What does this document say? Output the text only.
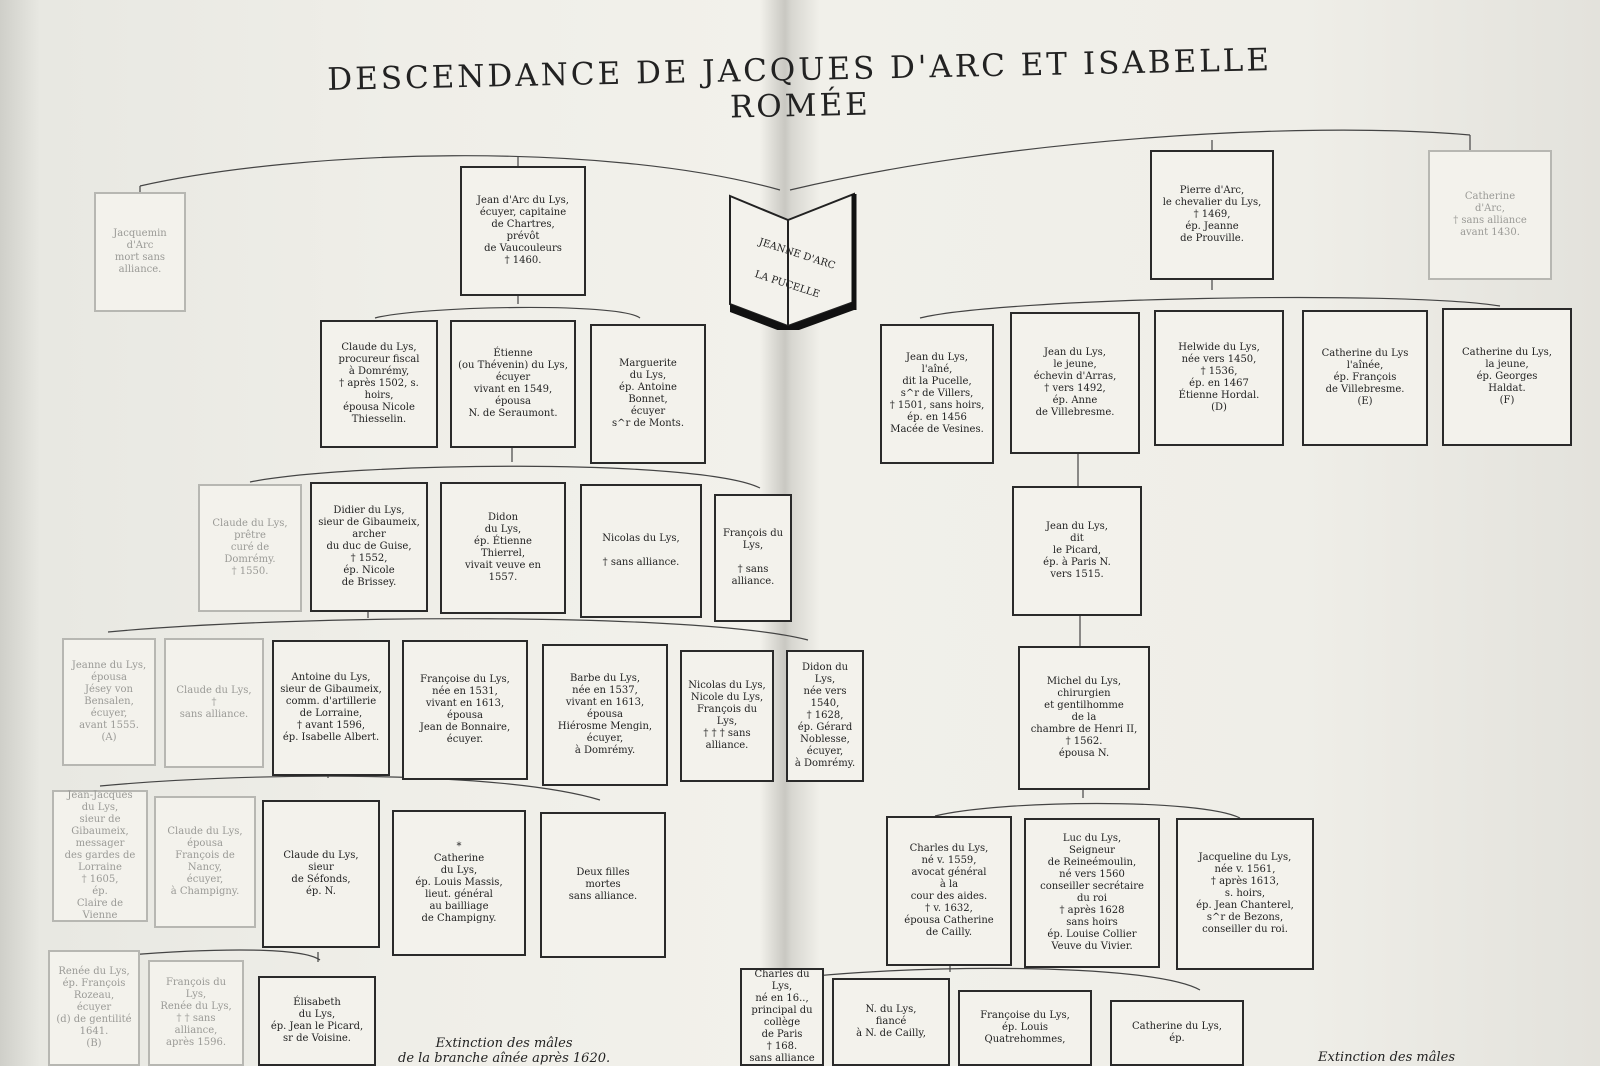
DESCENDANCE DE JACQUES D'ARC ET ISABELLE ROMÉE
JEANNE D'ARC
LA PUCELLE
Jacquemin
d'Arc
mort sans alliance.
Jean d'Arc du Lys,
écuyer, capitaine
de Chartres,
prévôt
de Vaucouleurs
† 1460.
Claude du Lys,
procureur fiscal
à Domrémy,
† après 1502, s. hoirs,
épousa Nicole
Thiesselin.
Étienne
(ou Thévenin) du Lys,
écuyer
vivant en 1549,
épousa
N. de Seraumont.
Marguerite
du Lys,
ép. Antoine Bonnet,
écuyer
s^r de Monts.
Claude du Lys,
prêtre
curé de Domrémy.
† 1550.
Didier du Lys,
sieur de Gibaumeix,
archer
du duc de Guise,
† 1552,
ép. Nicole
de Brissey.
Didon
du Lys,
ép. Étienne
Thierrel,
vivait veuve en
1557.
Nicolas du Lys,

† sans alliance.
François du Lys,

† sans alliance.
Jeanne du Lys,
épousa
Jésey von Bensalen,
écuyer,
avant 1555.
(A)
Claude du Lys,
†
sans alliance.
Antoine du Lys,
sieur de Gibaumeix,
comm. d'artillerie
de Lorraine,
† avant 1596,
ép. Isabelle Albert.
Françoise du Lys,
née en 1531,
vivant en 1613,
épousa
Jean de Bonnaire,
écuyer.
Barbe du Lys,
née en 1537,
vivant en 1613,
épousa
Hiérosme Mengin,
écuyer,
à Domrémy.
Nicolas du Lys,
Nicole du Lys,
François du Lys,
† † † sans alliance.
Didon du Lys,
née vers 1540,
† 1628,
ép. Gérard Noblesse,
écuyer,
à Domrémy.
Jean-Jacques
du Lys,
sieur de Gibaumeix,
messager
des gardes de Lorraine
† 1605,
ép.
Claire de Vienne
Claude du Lys,
épousa
François de Nancy,
écuyer,
à Champigny.
Claude du Lys,
sieur
de Séfonds,
ép. N.
*
Catherine
du Lys,
ép. Louis Massis,
lieut. général
au bailliage
de Champigny.
Deux filles
mortes
sans alliance.
Renée du Lys,
ép. François Rozeau,
écuyer
(d) de gentilité
1641.
(B)
François du Lys,
Renée du Lys,
† † sans alliance,
après 1596.
Élisabeth
du Lys,
ép. Jean le Picard,
sr de Voisine.	Extinction des mâles
de la branche aînée après 1620.
Pierre d'Arc,
le chevalier du Lys,
† 1469,
ép. Jeanne
de Prouville.
Catherine
d'Arc,
† sans alliance
avant 1430.
Jean du Lys,
l'aîné,
dit la Pucelle,
s^r de Villers,
† 1501, sans hoirs,
ép. en 1456
Macée de Vesines.
Jean du Lys,
le jeune,
échevin d'Arras,
† vers 1492,
ép. Anne
de Villebresme.
Helwide du Lys,
née vers 1450,
† 1536,
ép. en 1467
Étienne Hordal.
(D)
Catherine du Lys
l'aînée,
ép. François
de Villebresme.
(E)
Catherine du Lys,
la jeune,
ép. Georges
Haldat.
(F)
Jean du Lys,
dit
le Picard,
ép. à Paris N.
vers 1515.
Michel du Lys,
chirurgien
et gentilhomme
de la
chambre de Henri II,
† 1562.
épousa N.
Charles du Lys,
né v. 1559,
avocat général
à la
cour des aides.
† v. 1632,
épousa Catherine
de Cailly.
Luc du Lys,
Seigneur
de Reineémoulin,
né vers 1560
conseiller secrétaire
du roi
† après 1628
sans hoirs
ép. Louise Collier
Veuve du Vivier.
Jacqueline du Lys,
née v. 1561,
† après 1613,
s. hoirs,
ép. Jean Chanterel,
s^r de Bezons,
conseiller du roi.
Charles du Lys,
né en 16..,
principal du collège
de Paris
† 168.
sans alliance
N. du Lys,
fiancé
à N. de Cailly,
Françoise du Lys,
ép. Louis
Quatrehommes,
Catherine du Lys,
ép.
Extinction des mâles
